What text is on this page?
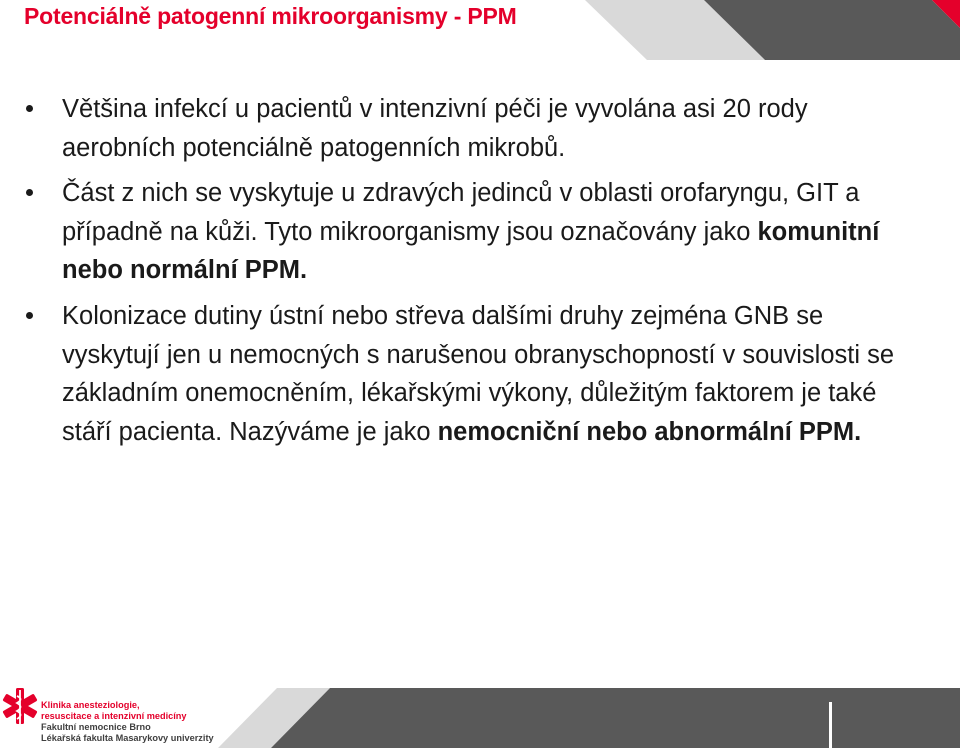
Potenciálně patogenní mikroorganismy - PPM
Většina infekcí u pacientů v intenzivní péči je vyvolána asi 20 rody aerobních potenciálně patogenních mikrobů.
Část z nich se vyskytuje u zdravých jedinců v oblasti orofaryngu, GIT a případně na kůži. Tyto mikroorganismy jsou označovány jako komunitní nebo normální PPM.
Kolonizace dutiny ústní nebo střeva dalšími druhy zejména GNB se vyskytují jen u nemocných s narušenou obranyschopností v souvislosti se základním onemocněním, lékařskými výkony, důležitým faktorem je také stáří pacienta. Nazýváme je jako nemocniční nebo abnormální PPM.
Klinika anesteziologie,
resuscitace a intenzivní medicíny
Fakultní nemocnice Brno
Lékařská fakulta Masarykovy univerzity
